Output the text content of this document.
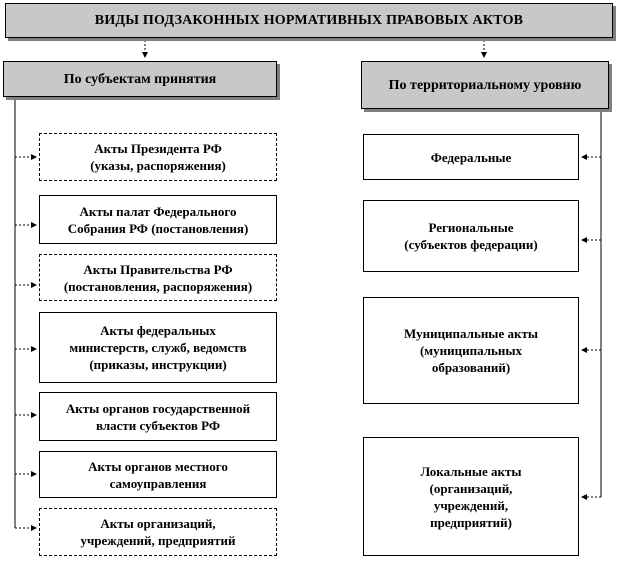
ВИДЫ ПОДЗАКОННЫХ НОРМАТИВНЫХ ПРАВОВЫХ АКТОВ
По субъектам принятия	По территориальному уровню
Акты Президента РФ
(указы, распоряжения)
Акты палат Федерального
Собрания РФ (постановления)
Акты Правительства РФ
(постановления, распоряжения)
Акты федеральных
министерств, служб, ведомств
(приказы, инструкции)
Акты органов государственной
власти субъектов РФ
Акты органов местного
самоуправления
Акты организаций,
учреждений, предприятий
Федеральные
Региональные
(субъектов федерации)
Муниципальные акты
(муниципальных
образований)
Локальные акты
(организаций,
учреждений,
предприятий)
